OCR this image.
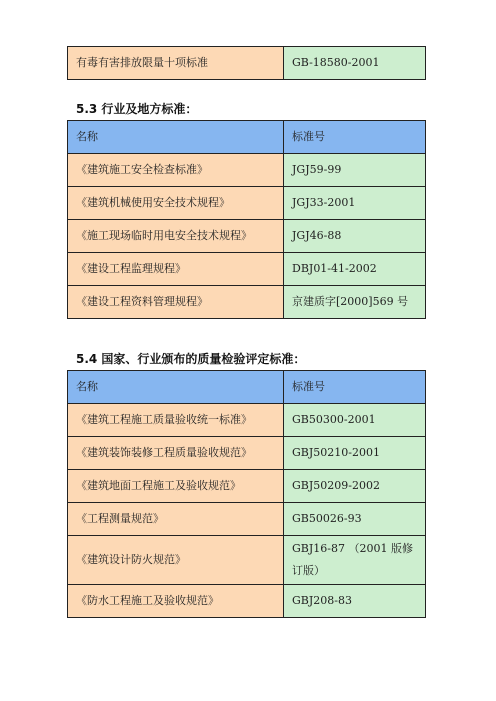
有毒有害排放限量十项标准	GB-18580-2001
5.3 行业及地方标准：
名称	标准号
《建筑施工安全检查标准》	JGJ59-99
《建筑机械使用安全技术规程》	JGJ33-2001
《施工现场临时用电安全技术规程》	JGJ46-88
《建设工程监理规程》	DBJ01-41-2002
《建设工程资料管理规程》	京建质字[2000]569 号
5.4 国家、行业颁布的质量检验评定标准：
名称	标准号
《建筑工程施工质量验收统一标准》	GB50300-2001
《建筑装饰装修工程质量验收规范》	GBJ50210-2001
《建筑地面工程施工及验收规范》	GBJ50209-2002
《工程测量规范》	GB50026-93
《建筑设计防火规范》	GBJ16-87 （2001 版修订版）

《防水工程施工及验收规范》	GBJ208-83
